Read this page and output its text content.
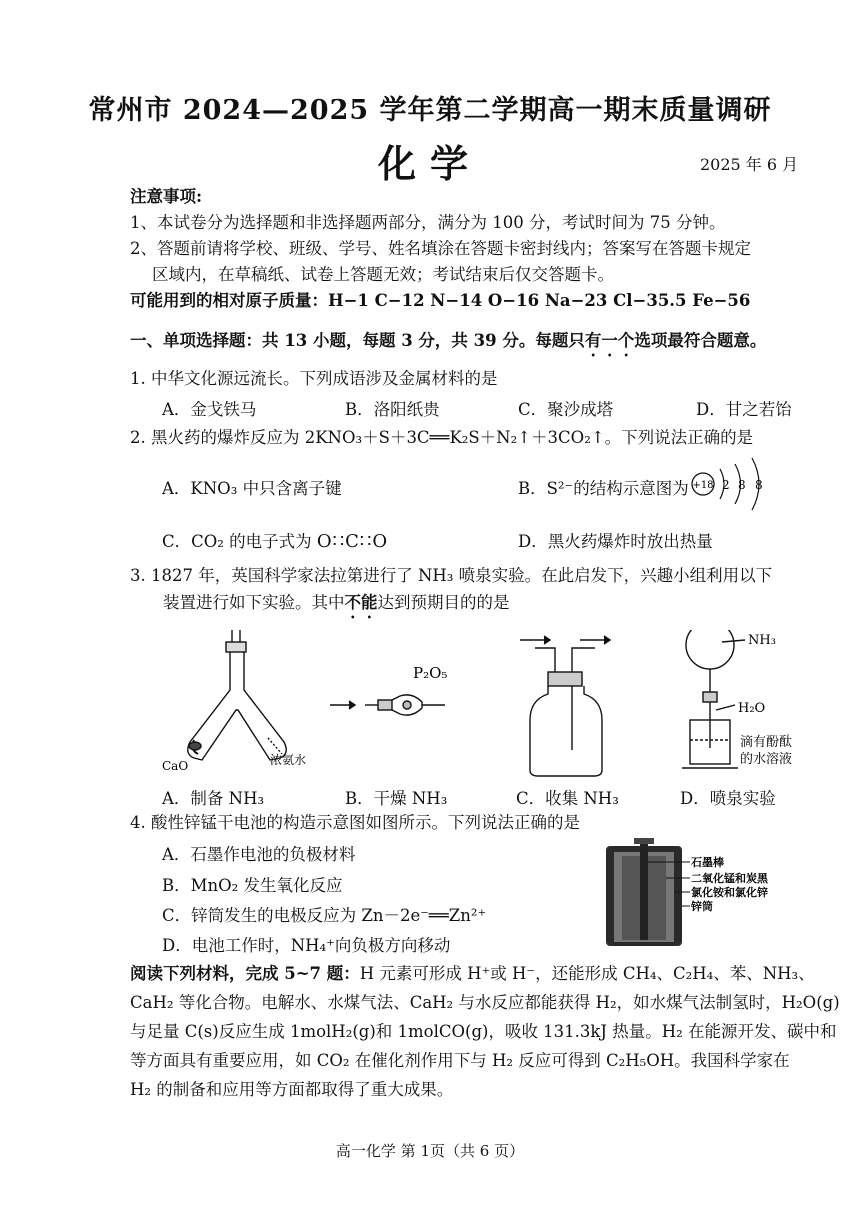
常州市 2024—2025 学年第二学期高一期末质量调研
化学	2025 年 6 月
注意事项:
1、本试卷分为选择题和非选择题两部分，满分为 100 分，考试时间为 75 分钟。
2、答题前请将学校、班级、学号、姓名填涂在答题卡密封线内；答案写在答题卡规定
区域内，在草稿纸、试卷上答题无效；考试结束后仅交答题卡。
可能用到的相对原子质量：H−1 C−12 N−14 O−16 Na−23 Cl−35.5 Fe−56
一、单项选择题：共 13 小题，每题 3 分，共 39 分。每题只有一个选项最符合题意。
1. 中华文化源远流长。下列成语涉及金属材料的是
A．金戈铁马	B．洛阳纸贵	C．聚沙成塔	D．甘之若饴
2. 黑火药的爆炸反应为 2KNO₃＋S＋3C══K₂S＋N₂↑＋3CO₂↑。下列说法正确的是
A．KNO₃ 中只含离子键	B．S²⁻的结构示意图为 +18 2 8 8
C．CO₂ 的电子式为 O∷C∷O	D．黑火药爆炸时放出热量
3. 1827 年，英国科学家法拉第进行了 NH₃ 喷泉实验。在此启发下，兴趣小组利用以下
装置进行如下实验。其中不能达到预期目的的是
CaO	浓氨水
P₂O₅
NH₃
H₂O
滴有酚酞
的水溶液
A．制备 NH₃	B．干燥 NH₃	C．收集 NH₃	D．喷泉实验
4. 酸性锌锰干电池的构造示意图如图所示。下列说法正确的是
A．石墨作电池的负极材料
B．MnO₂ 发生氧化反应
C．锌筒发生的电极反应为 Zn－2e⁻══Zn²⁺
D．电池工作时，NH₄⁺向负极方向移动
石墨棒
二氧化锰和炭黑
氯化铵和氯化锌
锌筒
阅读下列材料，完成 5~7 题：H 元素可形成 H⁺或 H⁻，还能形成 CH₄、C₂H₄、苯、NH₃、
CaH₂ 等化合物。电解水、水煤气法、CaH₂ 与水反应都能获得 H₂，如水煤气法制氢时，H₂O(g)
与足量 C(s)反应生成 1molH₂(g)和 1molCO(g)，吸收 131.3kJ 热量。H₂ 在能源开发、碳中和
等方面具有重要应用，如 CO₂ 在催化剂作用下与 H₂ 反应可得到 C₂H₅OH。我国科学家在
H₂ 的制备和应用等方面都取得了重大成果。
高一化学 第 1页（共 6 页）
